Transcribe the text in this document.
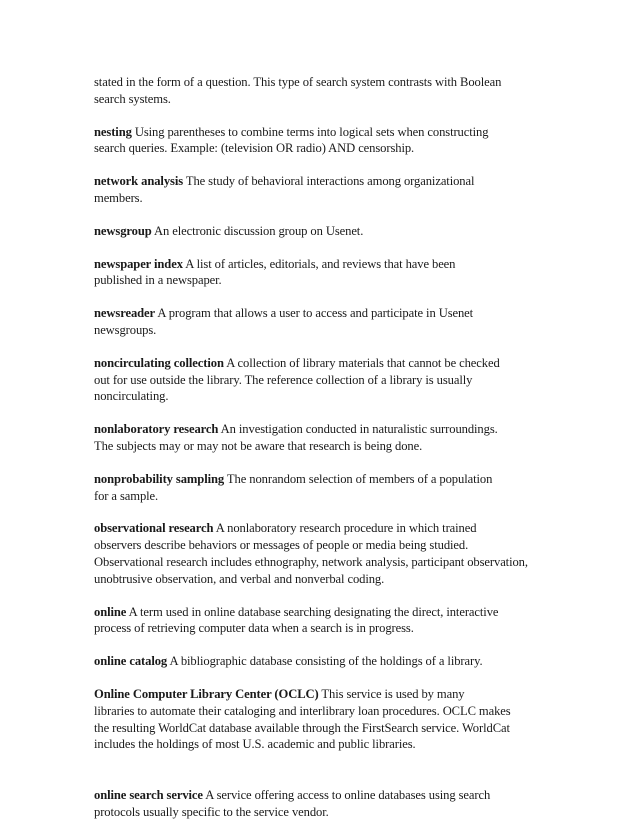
stated in the form of a question. This type of search system contrasts with Boolean
search systems.

nesting Using parentheses to combine terms into logical sets when constructing
search queries. Example: (television OR radio) AND censorship.

network analysis The study of behavioral interactions among organizational
members.

newsgroup An electronic discussion group on Usenet.

newspaper index A list of articles, editorials, and reviews that have been
published in a newspaper.

newsreader A program that allows a user to access and participate in Usenet
newsgroups.

noncirculating collection A collection of library materials that cannot be checked
out for use outside the library. The reference collection of a library is usually
noncirculating.

nonlaboratory research An investigation conducted in naturalistic surroundings.
The subjects may or may not be aware that research is being done.

nonprobability sampling The nonrandom selection of members of a population
for a sample.

observational research A nonlaboratory research procedure in which trained
observers describe behaviors or messages of people or media being studied.
Observational research includes ethnography, network analysis, participant observation,
unobtrusive observation, and verbal and nonverbal coding.

online A term used in online database searching designating the direct, interactive
process of retrieving computer data when a search is in progress.

online catalog A bibliographic database consisting of the holdings of a library.

Online Computer Library Center (OCLC) This service is used by many
libraries to automate their cataloging and interlibrary loan procedures. OCLC makes
the resulting WorldCat database available through the FirstSearch service. WorldCat
includes the holdings of most U.S. academic and public libraries.

online search service A service offering access to online databases using search
protocols usually specific to the service vendor.
